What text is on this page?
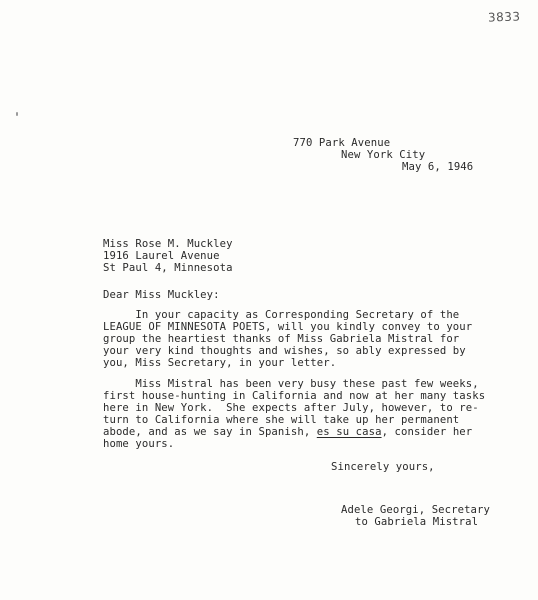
3833
770 Park Avenue
New York City
May 6, 1946
Miss Rose M. Muckley
1916 Laurel Avenue
St Paul 4, Minnesota
Dear Miss Muckley:
In your capacity as Corresponding Secretary of the
LEAGUE OF MINNESOTA POETS, will you kindly convey to your
group the heartiest thanks of Miss Gabriela Mistral for
your very kind thoughts and wishes, so ably expressed by
you, Miss Secretary, in your letter.
Miss Mistral has been very busy these past few weeks,
first house-hunting in California and now at her many tasks
here in New York.  She expects after July, however, to re-
turn to California where she will take up her permanent
abode, and as we say in Spanish, es su casa, consider her
home yours.
Sincerely yours,
Adele Georgi, Secretary
to Gabriela Mistral
